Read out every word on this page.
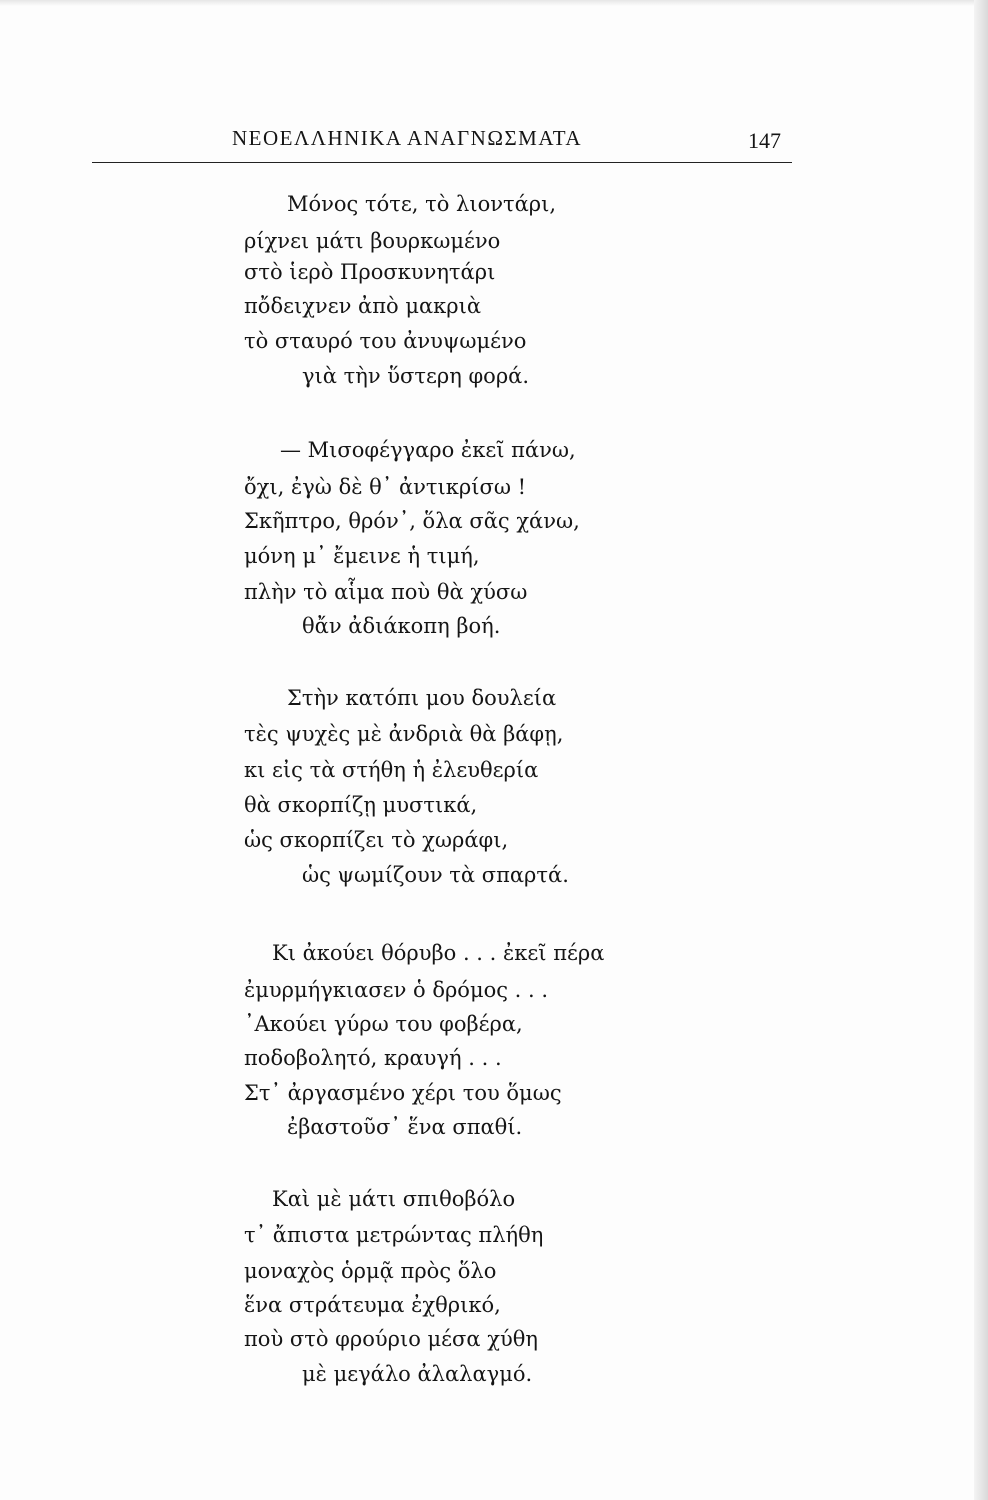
ΝΕΟΕΛΛΗΝΙΚΑ ΑΝΑΓΝΩΣΜΑΤΑ	147
Μόνος τότε, τὸ λιοντάρι,
ρίχνει μάτι βουρκωμένο
στὸ ἱερὸ Προσκυνητάρι
πὄδειχνεν ἀπὸ μακριὰ
τὸ σταυρό του ἀνυψωμένο
γιὰ τὴν ὕστερη φορά.
— Μισοφέγγαρο ἐκεῖ πάνω,
ὄχι, ἐγὼ δὲ θ᾽ ἀντικρίσω !
Σκῆπτρο, θρόν᾽, ὅλα σᾶς χάνω,
μόνη μ᾽ ἔμεινε ἡ τιμή,
πλὴν τὸ αἷμα ποὺ θὰ χύσω
θἄν ἀδιάκοπη βοή.
Στὴν κατόπι μου δουλεία
τὲς ψυχὲς μὲ ἀνδριὰ θὰ βάφῃ,
κι εἰς τὰ στήθη ἡ ἐλευθερία
θὰ σκορπίζῃ μυστικά,
ὡς σκορπίζει τὸ χωράφι,
ὡς ψωμίζουν τὰ σπαρτά.
Κι ἀκούει θόρυβο . . . ἐκεῖ πέρα
ἐμυρμήγκιασεν ὁ δρόμος . . .
᾽Ακούει γύρω του φοβέρα,
ποδοβολητό, κραυγή . . .
Στ᾽ ἀργασμένο χέρι του ὅμως
ἐβαστοῦσ᾽ ἕνα σπαθί.
Καὶ μὲ μάτι σπιθοβόλο
τ᾽ ἄπιστα μετρώντας πλήθη
μοναχὸς ὁρμᾷ πρὸς ὅλο
ἕνα στράτευμα ἐχθρικό,
ποὺ στὸ φρούριο μέσα χύθη
μὲ μεγάλο ἀλαλαγμό.
